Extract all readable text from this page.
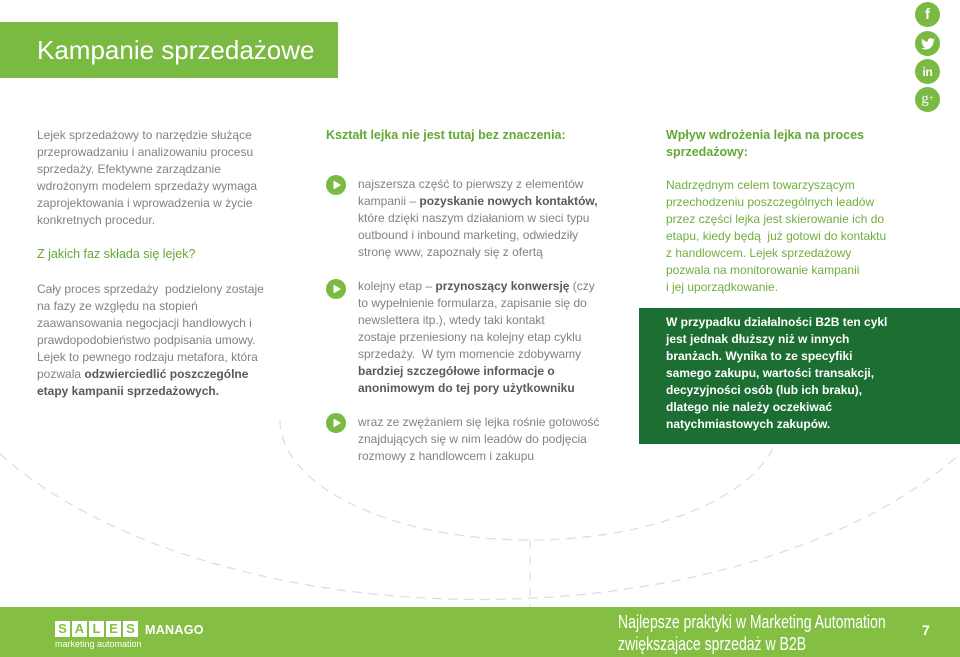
Kampanie sprzedażowe
f
in
g+
Lejek sprzedażowy to narzędzie służące
przeprowadzaniu i analizowaniu procesu
sprzedaży. Efektywne zarządzanie
wdrożonym modelem sprzedaży wymaga
zaprojektowania i wprowadzenia w życie
konkretnych procedur.
Z jakich faz składa się lejek?
Cały proces sprzedaży  podzielony zostaje
na fazy ze względu na stopień
zaawansowania negocjacji handlowych i
prawdopodobieństwo podpisania umowy.
Lejek to pewnego rodzaju metafora, która
pozwala odzwierciedlić poszczególne
etapy kampanii sprzedażowych.
Kształt lejka nie jest tutaj bez znaczenia:
najszersza część to pierwszy z elementów
kampanii – pozyskanie nowych kontaktów,
które dzięki naszym działaniom w sieci typu
outbound i inbound marketing, odwiedziły
stronę www, zapoznały się z ofertą
kolejny etap – przynoszący konwersję (czy
to wypełnienie formularza, zapisanie się do
newslettera itp.), wtedy taki kontakt
zostaje przeniesiony na kolejny etap cyklu
sprzedaży.  W tym momencie zdobywamy
bardziej szczegółowe informacje o
anonimowym do tej pory użytkowniku
wraz ze zwężaniem się lejka rośnie gotowość
znajdujących się w nim leadów do podjęcia
rozmowy z handlowcem i zakupu
Wpływ wdrożenia lejka na proces
sprzedażowy:
Nadrzędnym celem towarzyszącym
przechodzeniu poszczególnych leadów
przez części lejka jest skierowanie ich do
etapu, kiedy będą  już gotowi do kontaktu
z handlowcem. Lejek sprzedażowy
pozwala na monitorowanie kampanii
i jej uporządkowanie.
W przypadku działalności B2B ten cykl
jest jednak dłuższy niż w innych
branżach. Wynika to ze specyfiki
samego zakupu, wartości transakcji,
decyzyjności osób (lub ich braku),
dlatego nie należy oczekiwać
natychmiastowych zakupów.
S A L E S MANAGO
marketing automation
Najlepsze praktyki w Marketing Automation
zwiększajace sprzedaż w B2B
7
